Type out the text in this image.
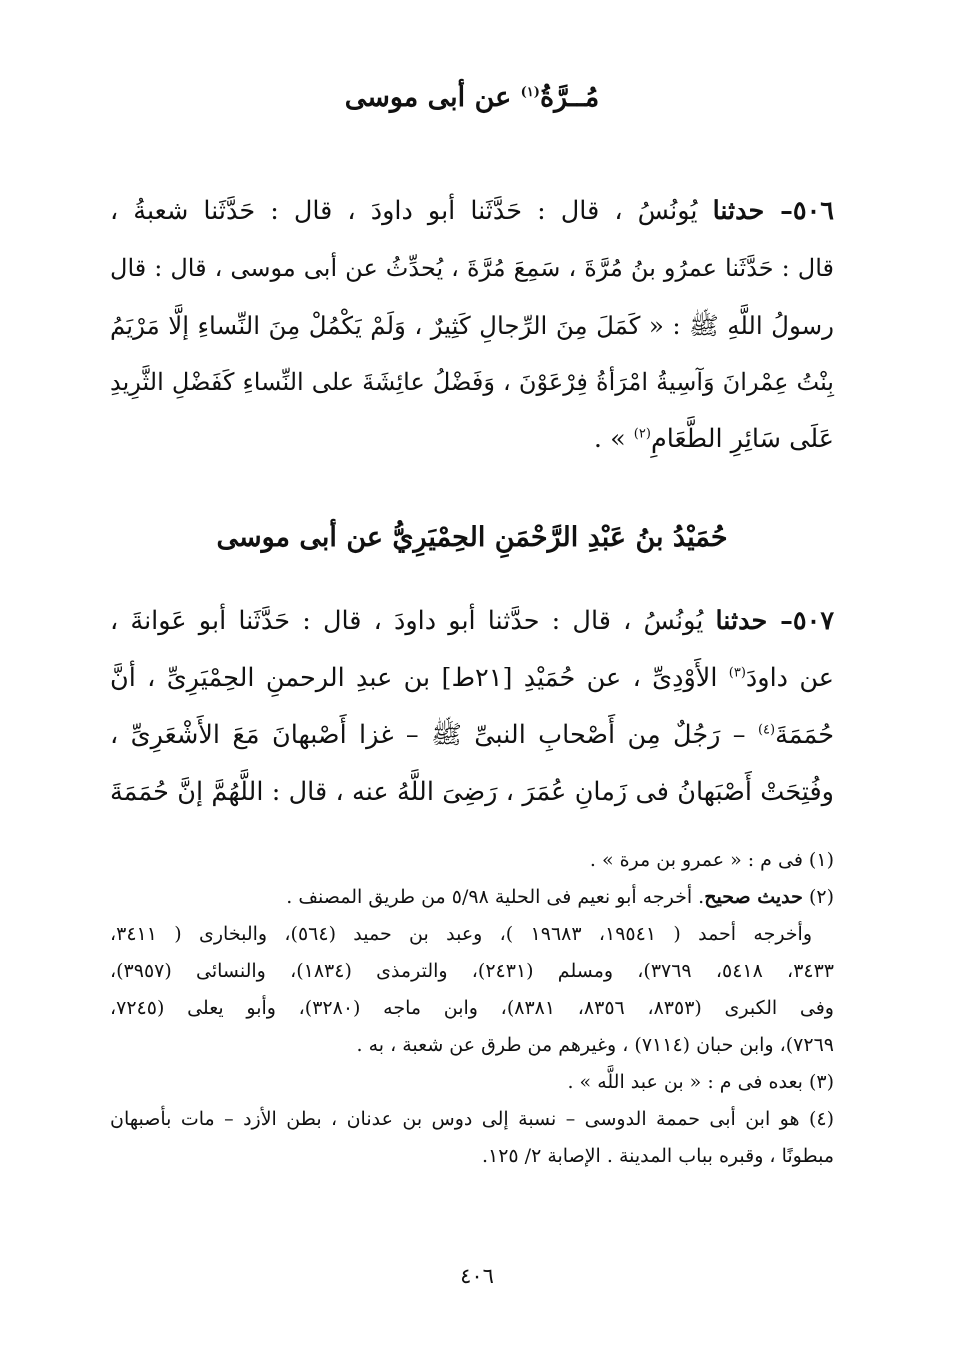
مُــرَّةُ$^{(١)}$ عن أبى موسى
٥٠٦– حدثنا يُونُسُ ، قال : حَدَّثَنا أبو داودَ ، قال : حَدَّثَنا شعبةُ ،
قال : حَدَّثَنا عمرُو بنُ مُرَّةَ ، سَمِعَ مُرَّةَ ، يُحدِّثُ عن أبى موسى ، قال : قال
رسولُ اللَّهِ ﷺ : « كَمَلَ مِنَ الرِّجالِ كَثِيرٌ ، وَلَمْ يَكْمُلْ مِنَ النِّساءِ إلَّا مَرْيَمُ
بِنْتُ عِمْرانَ وَآسِيةُ امْرَأةُ فِرْعَوْنَ ، وَفَضْلُ عائِشَةَ على النِّساءِ كَفَضْلِ الثَّرِيدِ
عَلَى سَائِرِ الطَّعَامِ$^{(٢)}$ » .
حُمَيْدُ بنُ عَبْدِ الرَّحْمَنِ الحِمْيَرِيُّ عن أبى موسى
٥٠٧– حدثنا يُونُسُ ، قال : حدَّثنا أبو داودَ ، قال : حَدَّثَنا أبو عَوانةَ ،
عن داودَ$^{(٣)}$ الأَوْدِىِّ ، عن حُمَيْدِ [٢١ط] بن عبدِ الرحمنِ الحِمْيَرِىِّ ، أنَّ
حُمَمَةَ$^{(٤)}$ – رَجُلٌ مِن أَصْحابِ النبىِّ ﷺ – غزا أَصْبهانَ مَعَ الأَشْعَرِىِّ ،
وفُتِحَتْ أَصْبَهانُ فى زَمانِ عُمَرَ ، رَضِىَ اللَّهُ عنه ، قال : اللَّهُمَّ إنَّ حُمَمَةَ
(١) فى م : « عمرو بن مرة » .
(٢) حديث صحيح. أخرجه أبو نعيم فى الحلية ٥/٩٨ من طريق المصنف .
وأخرجه أحمد ( ١٩٥٤١، ١٩٦٨٣ )، وعبد بن حميد (٥٦٤)، والبخارى ( ٣٤١١،
٣٤٣٣، ٥٤١٨، ٣٧٦٩)، ومسلم (٢٤٣١)، والترمذى (١٨٣٤)، والنسائى (٣٩٥٧)،
وفى الكبرى (٨٣٥٣، ٨٣٥٦، ٨٣٨١)، وابن ماجه (٣٢٨٠)، وأبو يعلى (٧٢٤٥،
٧٢٦٩)، وابن حبان (٧١١٤) ، وغيرهم من طرق عن شعبة ، به .
(٣) بعده فى م : « بن عبد اللَّه » .
(٤) هو ابن أبى حممة الدوسى – نسبة إلى دوس بن عدنان ، بطن الأزد – مات بأصبهان
مبطونًا ، وقبره بباب المدينة . الإصابة ٢/ ١٢٥.
٤٠٦
